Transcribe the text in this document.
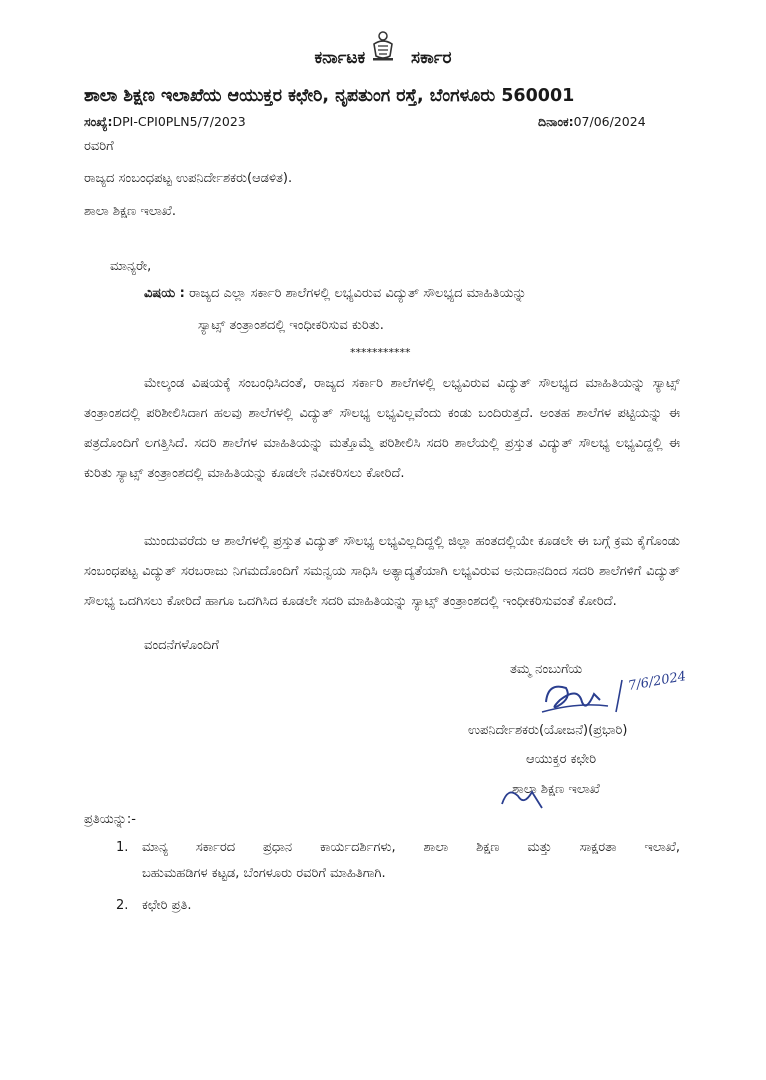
ಕರ್ನಾಟಕ ಸರ್ಕಾರ
ಶಾಲಾ ಶಿಕ್ಷಣ ಇಲಾಖೆಯ ಆಯುಕ್ತರ ಕಛೇರಿ, ನೃಪತುಂಗ ರಸ್ತೆ, ಬೆಂಗಳೂರು 560001
ಸಂಖ್ಯೆ:DPI-CPI0PLN5/7/2023	ದಿನಾಂಕ:07/06/2024
ರವರಿಗೆ
ರಾಜ್ಯದ ಸಂಬಂಧಪಟ್ಟ ಉಪನಿರ್ದೇಶಕರು(ಆಡಳಿತ).
ಶಾಲಾ ಶಿಕ್ಷಣ ಇಲಾಖೆ.
ಮಾನ್ಯರೇ,
ವಿಷಯ : ರಾಜ್ಯದ ಎಲ್ಲಾ ಸರ್ಕಾರಿ ಶಾಲೆಗಳಲ್ಲಿ ಲಭ್ಯವಿರುವ ವಿದ್ಯುತ್ ಸೌಲಭ್ಯದ ಮಾಹಿತಿಯನ್ನು
ಸ್ಯಾಟ್ಸ್ ತಂತ್ರಾಂಶದಲ್ಲಿ ಇಂಧೀಕರಿಸುವ ಕುರಿತು.
***********
ಮೇಲ್ಕಂಡ ವಿಷಯಕ್ಕೆ ಸಂಬಂಧಿಸಿದಂತೆ, ರಾಜ್ಯದ ಸರ್ಕಾರಿ ಶಾಲೆಗಳಲ್ಲಿ ಲಭ್ಯವಿರುವ ವಿದ್ಯುತ್ ಸೌಲಭ್ಯದ ಮಾಹಿತಿಯನ್ನು ಸ್ಯಾಟ್ಸ್ ತಂತ್ರಾಂಶದಲ್ಲಿ ಪರಿಶೀಲಿಸಿದಾಗ ಹಲವು ಶಾಲೆಗಳಲ್ಲಿ ವಿದ್ಯುತ್ ಸೌಲಭ್ಯ ಲಭ್ಯವಿಲ್ಲವೆಂದು ಕಂಡು ಬಂದಿರುತ್ತದೆ. ಅಂತಹ ಶಾಲೆಗಳ ಪಟ್ಟಿಯನ್ನು ಈ ಪತ್ರದೊಂದಿಗೆ ಲಗತ್ತಿಸಿದೆ. ಸದರಿ ಶಾಲೆಗಳ ಮಾಹಿತಿಯನ್ನು ಮತ್ತೊಮ್ಮೆ ಪರಿಶೀಲಿಸಿ ಸದರಿ ಶಾಲೆಯಲ್ಲಿ ಪ್ರಸ್ತುತ ವಿದ್ಯುತ್ ಸೌಲಭ್ಯ ಲಭ್ಯವಿದ್ದಲ್ಲಿ ಈ ಕುರಿತು ಸ್ಯಾಟ್ಸ್ ತಂತ್ರಾಂಶದಲ್ಲಿ ಮಾಹಿತಿಯನ್ನು ಕೂಡಲೇ ನವೀಕರಿಸಲು ಕೋರಿದೆ.
ಮುಂದುವರೆದು ಆ ಶಾಲೆಗಳಲ್ಲಿ ಪ್ರಸ್ತುತ ವಿದ್ಯುತ್ ಸೌಲಭ್ಯ ಲಭ್ಯವಿಲ್ಲದಿದ್ದಲ್ಲಿ ಜಿಲ್ಲಾ ಹಂತದಲ್ಲಿಯೇ ಕೂಡಲೇ ಈ ಬಗ್ಗೆ ಕ್ರಮ ಕೈಗೊಂಡು ಸಂಬಂಧಪಟ್ಟ ವಿದ್ಯುತ್ ಸರಬರಾಜು ನಿಗಮದೊಂದಿಗೆ ಸಮನ್ವಯ ಸಾಧಿಸಿ ಅತ್ಯಾದ್ಯತೆಯಾಗಿ ಲಭ್ಯವಿರುವ ಅನುದಾನದಿಂದ ಸದರಿ ಶಾಲೆಗಳಿಗೆ ವಿದ್ಯುತ್ ಸೌಲಭ್ಯ ಒದಗಿಸಲು ಕೋರಿದೆ ಹಾಗೂ ಒದಗಿಸಿದ ಕೂಡಲೇ ಸದರಿ ಮಾಹಿತಿಯನ್ನು ಸ್ಯಾಟ್ಸ್ ತಂತ್ರಾಂಶದಲ್ಲಿ ಇಂಧೀಕರಿಸುವಂತೆ ಕೋರಿದೆ.
ವಂದನೆಗಳೊಂದಿಗೆ
ತಮ್ಮ ನಂಬುಗೆಯ	7/6/2024
ಉಪನಿರ್ದೇಶಕರು(ಯೋಜನೆ)(ಪ್ರಭಾರಿ)
ಆಯುಕ್ತರ ಕಛೇರಿ
ಶಾಲಾ ಶಿಕ್ಷಣ ಇಲಾಖೆ
ಪ್ರತಿಯನ್ನು:-
1. ಮಾನ್ಯ ಸರ್ಕಾರದ ಪ್ರಧಾನ ಕಾರ್ಯದರ್ಶಿಗಳು, ಶಾಲಾ ಶಿಕ್ಷಣ ಮತ್ತು ಸಾಕ್ಷರತಾ ಇಲಾಖೆ,
ಬಹುಮಹಡಿಗಳ ಕಟ್ಟಡ, ಬೆಂಗಳೂರು ರವರಿಗೆ ಮಾಹಿತಿಗಾಗಿ.
2. ಕಛೇರಿ ಪ್ರತಿ.
